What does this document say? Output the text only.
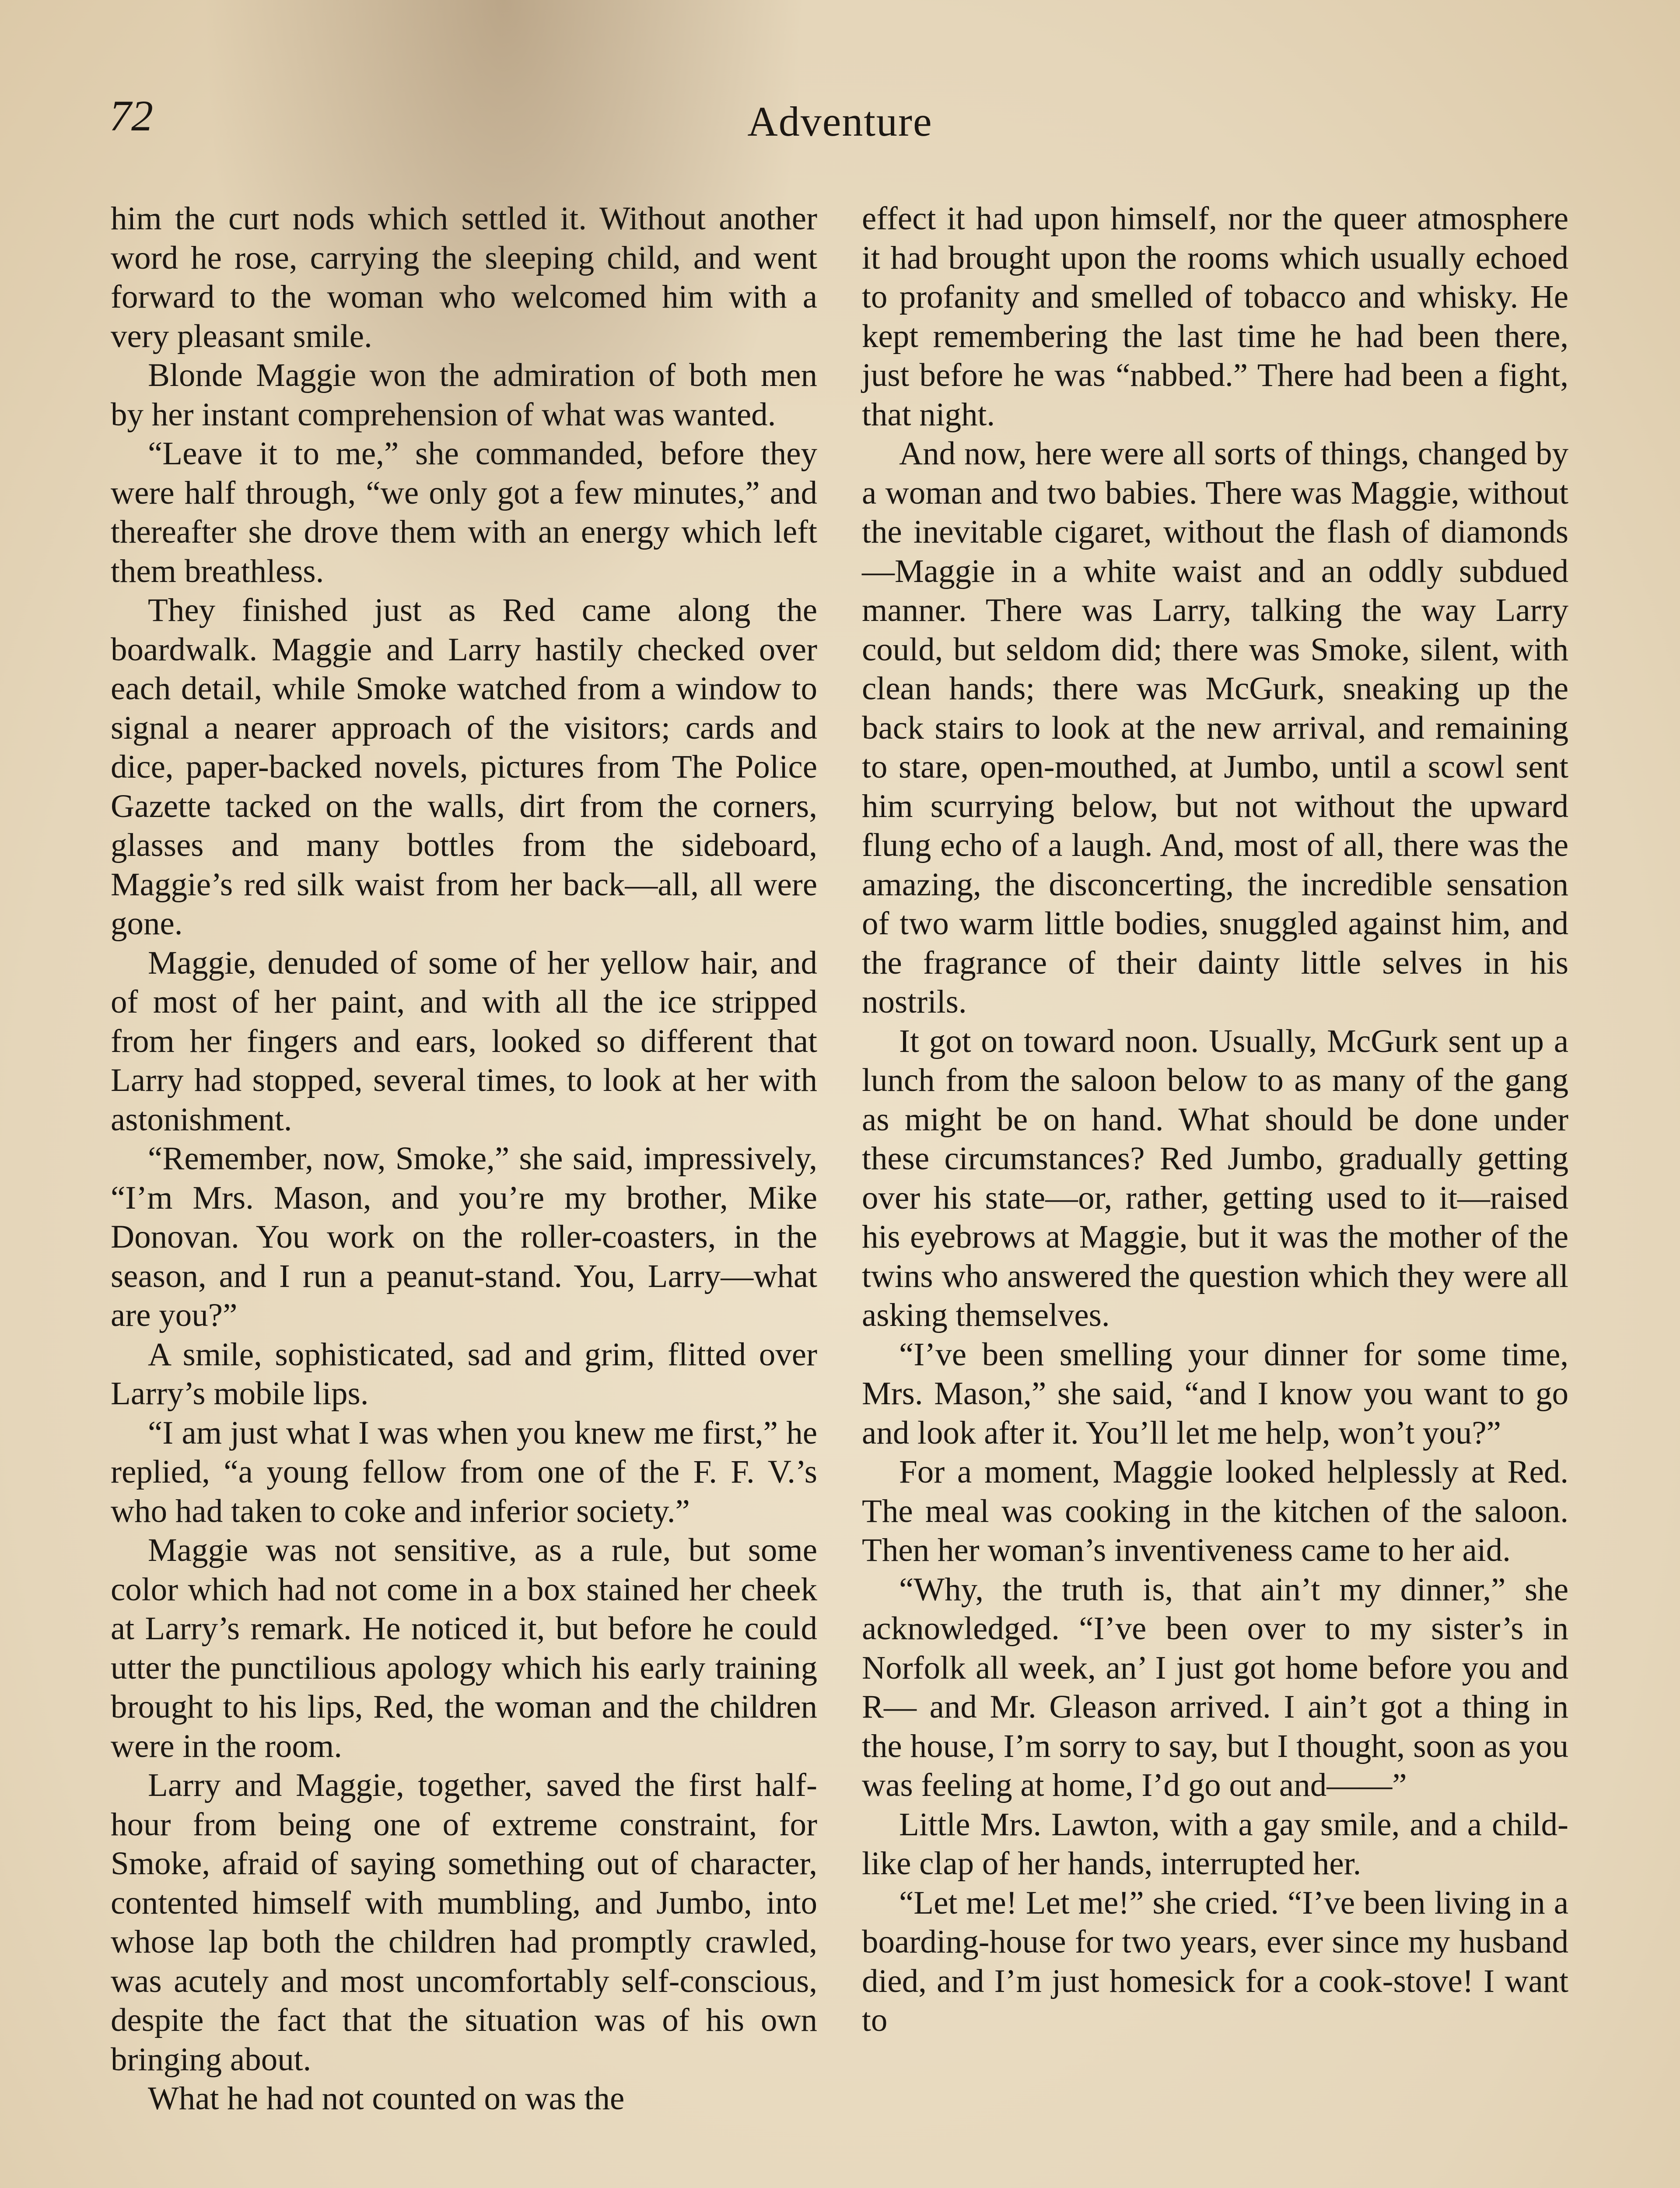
72	Adventure

him the curt nods which settled it. Without another word he rose, carrying the sleeping child, and went forward to the woman who welcomed him with a very pleasant smile.

Blonde Maggie won the admiration of both men by her instant comprehension of what was wanted.

“Leave it to me,” she commanded, before they were half through, “we only got a few minutes,” and thereafter she drove them with an energy which left them breathless.

They finished just as Red came along the boardwalk. Maggie and Larry hastily checked over each detail, while Smoke watched from a window to signal a nearer approach of the visitors; cards and dice, paper-backed novels, pictures from The Police Gazette tacked on the walls, dirt from the corners, glasses and many bottles from the sideboard, Maggie’s red silk waist from her back—all, all were gone.

Maggie, denuded of some of her yellow hair, and of most of her paint, and with all the ice stripped from her fingers and ears, looked so different that Larry had stopped, several times, to look at her with astonishment.

“Remember, now, Smoke,” she said, impressively, “I’m Mrs. Mason, and you’re my brother, Mike Donovan. You work on the roller-coasters, in the season, and I run a peanut-stand. You, Larry—what are you?”

A smile, sophisticated, sad and grim, flitted over Larry’s mobile lips.

“I am just what I was when you knew me first,” he replied, “a young fellow from one of the F. F. V.’s who had taken to coke and inferior society.”

Maggie was not sensitive, as a rule, but some color which had not come in a box stained her cheek at Larry’s remark. He noticed it, but before he could utter the punctilious apology which his early training brought to his lips, Red, the woman and the children were in the room.

Larry and Maggie, together, saved the first half-hour from being one of extreme constraint, for Smoke, afraid of saying something out of character, contented himself with mumbling, and Jumbo, into whose lap both the children had promptly crawled, was acutely and most uncomfortably self-conscious, despite the fact that the situation was of his own bringing about.

What he had not counted on was the

effect it had upon himself, nor the queer atmosphere it had brought upon the rooms which usually echoed to profanity and smelled of tobacco and whisky. He kept remembering the last time he had been there, just before he was “nabbed.” There had been a fight, that night.

And now, here were all sorts of things, changed by a woman and two babies. There was Maggie, without the inevitable cigaret, without the flash of diamonds—Maggie in a white waist and an oddly subdued manner. There was Larry, talking the way Larry could, but seldom did; there was Smoke, silent, with clean hands; there was McGurk, sneaking up the back stairs to look at the new arrival, and remaining to stare, open-mouthed, at Jumbo, until a scowl sent him scurrying below, but not without the upward flung echo of a laugh. And, most of all, there was the amazing, the disconcerting, the incredible sensation of two warm little bodies, snuggled against him, and the fragrance of their dainty little selves in his nostrils.

It got on toward noon. Usually, McGurk sent up a lunch from the saloon below to as many of the gang as might be on hand. What should be done under these circumstances? Red Jumbo, gradually getting over his state—or, rather, getting used to it—raised his eyebrows at Maggie, but it was the mother of the twins who answered the question which they were all asking themselves.

“I’ve been smelling your dinner for some time, Mrs. Mason,” she said, “and I know you want to go and look after it. You’ll let me help, won’t you?”

For a moment, Maggie looked helplessly at Red. The meal was cooking in the kitchen of the saloon. Then her woman’s inventiveness came to her aid.

“Why, the truth is, that ain’t my dinner,” she acknowledged. “I’ve been over to my sister’s in Norfolk all week, an’ I just got home before you and R— and Mr. Gleason arrived. I ain’t got a thing in the house, I’m sorry to say, but I thought, soon as you was feeling at home, I’d go out and——”

Little Mrs. Lawton, with a gay smile, and a child-like clap of her hands, interrupted her.

“Let me! Let me!” she cried. “I’ve been living in a boarding-house for two years, ever since my husband died, and I’m just homesick for a cook-stove! I want to
